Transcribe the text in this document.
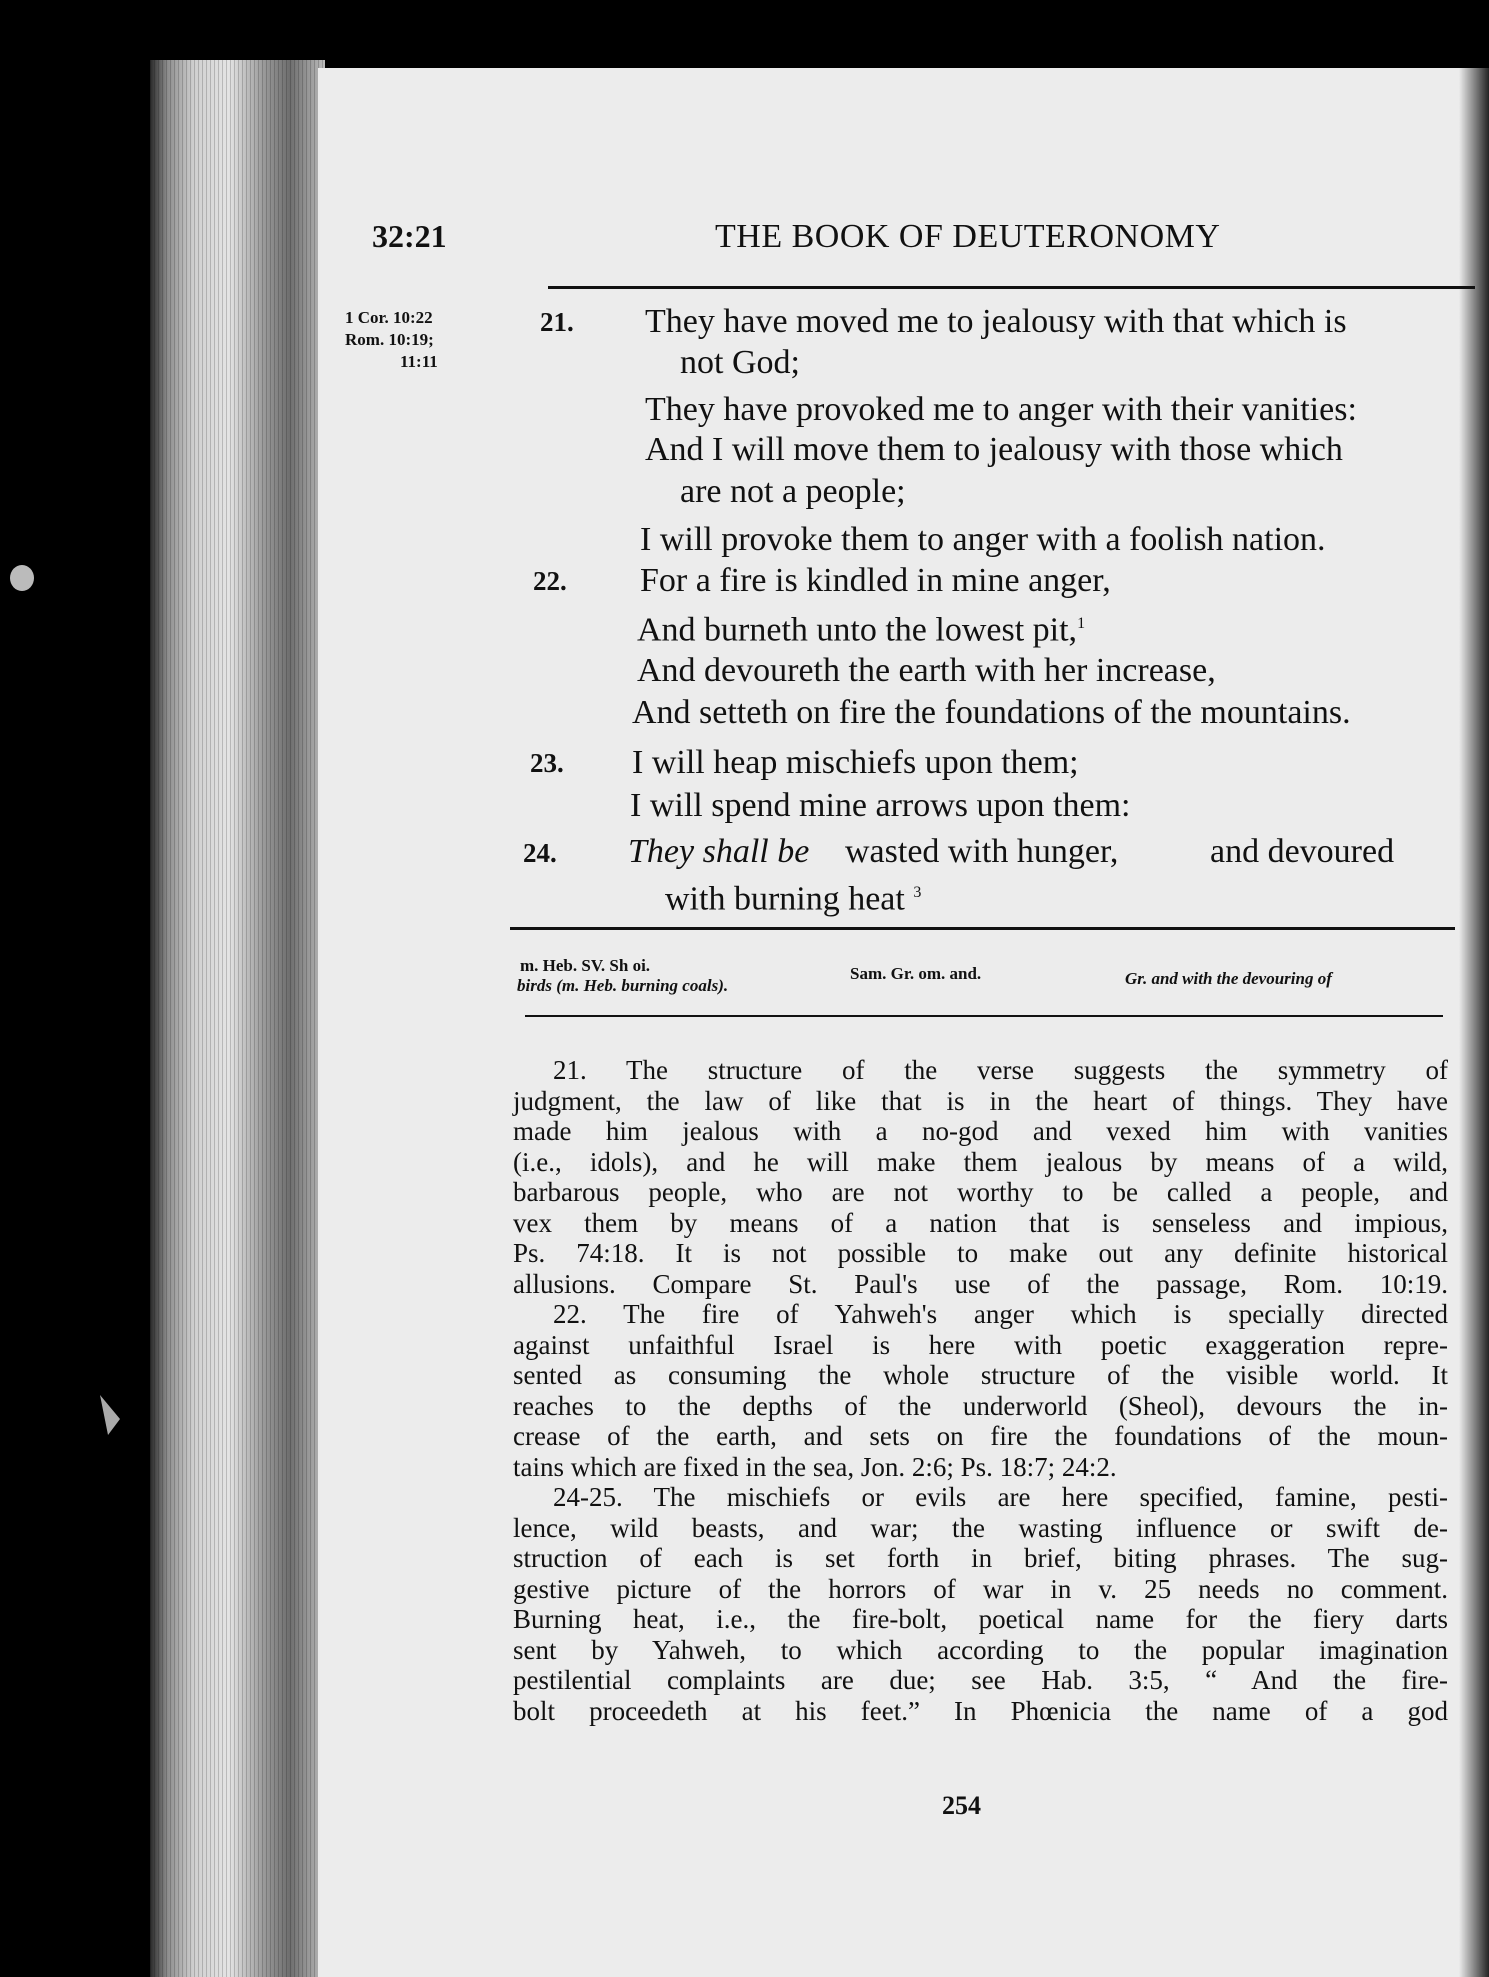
32:21	THE BOOK OF DEUTERONOMY
1 Cor. 10:22
Rom. 10:19;
11:11
21. They have moved me to jealousy with that which is
not God;
They have provoked me to anger with their vanities:
And I will move them to jealousy with those which
are not a people;
I will provoke them to anger with a foolish nation.
22. For a fire is kindled in mine anger,
And burneth unto the lowest pit,$^1$
And devoureth the earth with her increase,
And setteth on fire the foundations of the mountains.
23. I will heap mischiefs upon them;
I will spend mine arrows upon them:
24. They shall be wasted with hunger,	and devoured
with burning heat $^3$
m. Heb. SV. Sh oi.
birds (m. Heb. burning coals).
Sam. Gr. om. and.	Gr. and with the devouring of
21. The structure of the verse suggests the symmetry of
judgment, the law of like that is in the heart of things. They have
made him jealous with a no-god and vexed him with vanities
(i.e., idols), and he will make them jealous by means of a wild,
barbarous people, who are not worthy to be called a people, and
vex them by means of a nation that is senseless and impious,
Ps. 74:18. It is not possible to make out any definite historical
allusions. Compare St. Paul's use of the passage, Rom. 10:19.
22. The fire of Yahweh's anger which is specially directed
against unfaithful Israel is here with poetic exaggeration repre-
sented as consuming the whole structure of the visible world. It
reaches to the depths of the underworld (Sheol), devours the in-
crease of the earth, and sets on fire the foundations of the moun-
tains which are fixed in the sea, Jon. 2:6; Ps. 18:7; 24:2.
24-25. The mischiefs or evils are here specified, famine, pesti-
lence, wild beasts, and war; the wasting influence or swift de-
struction of each is set forth in brief, biting phrases. The sug-
gestive picture of the horrors of war in v. 25 needs no comment.
Burning heat, i.e., the fire-bolt, poetical name for the fiery darts
sent by Yahweh, to which according to the popular imagination
pestilential complaints are due; see Hab. 3:5, “ And the fire-
bolt proceedeth at his feet.” In Phœnicia the name of a god
254
